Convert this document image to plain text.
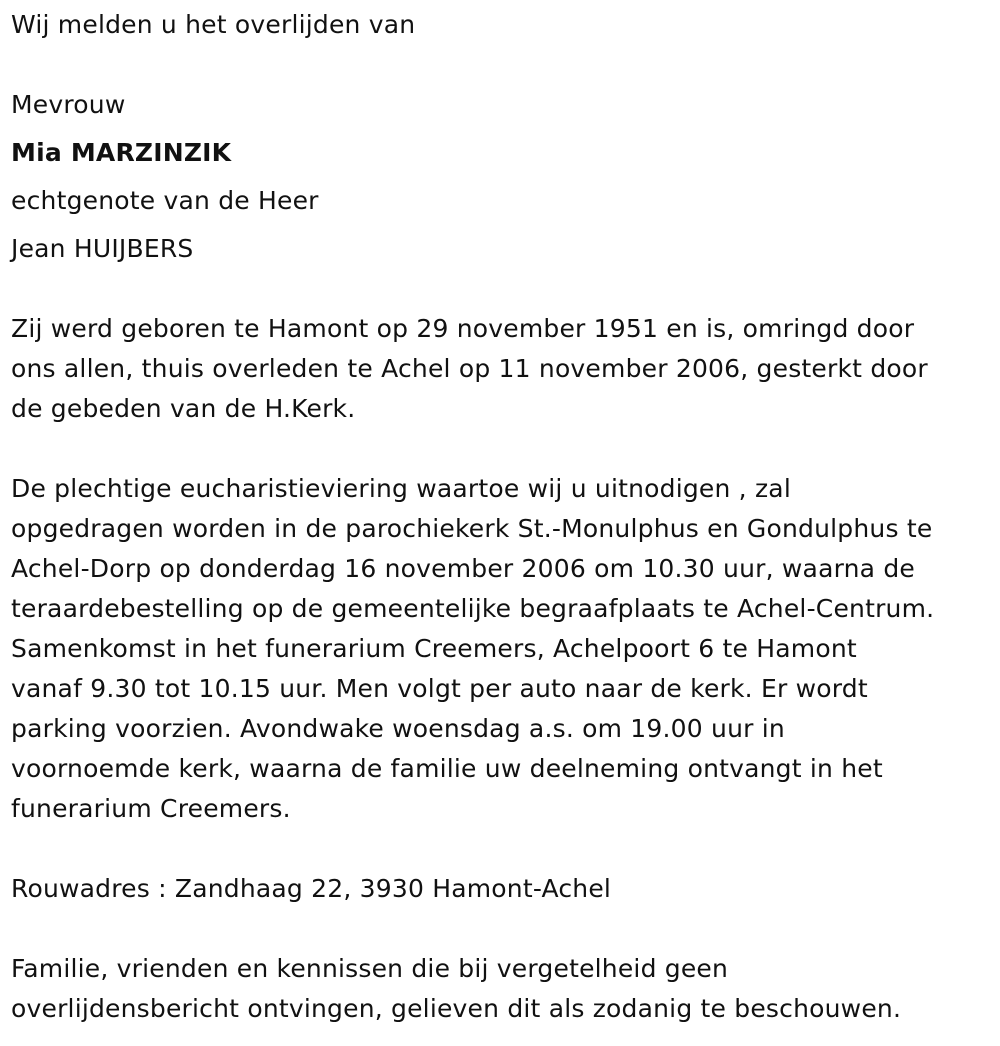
Wij melden u het overlijden van
Mevrouw
Mia MARZINZIK
echtgenote van de Heer
Jean HUIJBERS
Zij werd geboren te Hamont op 29 november 1951 en is, omringd door
ons allen, thuis overleden te Achel op 11 november 2006, gesterkt door
de gebeden van de H.Kerk.
De plechtige eucharistieviering waartoe wij u uitnodigen , zal
opgedragen worden in de parochiekerk St.-Monulphus en Gondulphus te
Achel-Dorp op donderdag 16 november 2006 om 10.30 uur, waarna de
teraardebestelling op de gemeentelijke begraafplaats te Achel-Centrum.
Samenkomst in het funerarium Creemers, Achelpoort 6 te Hamont
vanaf 9.30 tot 10.15 uur. Men volgt per auto naar de kerk. Er wordt
parking voorzien. Avondwake woensdag a.s. om 19.00 uur in
voornoemde kerk, waarna de familie uw deelneming ontvangt in het
funerarium Creemers.
Rouwadres : Zandhaag 22, 3930 Hamont-Achel
Familie, vrienden en kennissen die bij vergetelheid geen
overlijdensbericht ontvingen, gelieven dit als zodanig te beschouwen.
